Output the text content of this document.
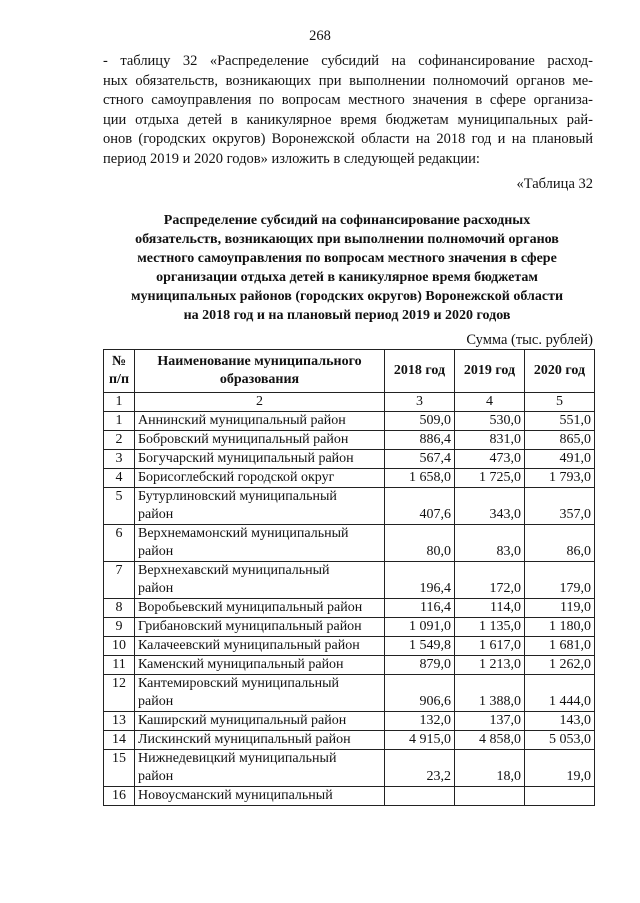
268
- таблицу 32 «Распределение субсидий на софинансирование расход-
ных обязательств, возникающих при выполнении полномочий органов ме-
стного самоуправления по вопросам местного значения в сфере организа-
ции отдыха детей в каникулярное время бюджетам муниципальных рай-
онов (городских округов) Воронежской области на 2018 год и на плановый
период 2019 и 2020 годов» изложить в следующей редакции:
«Таблица 32
Распределение субсидий на софинансирование расходных
обязательств, возникающих при выполнении полномочий органов
местного самоуправления по вопросам местного значения в сфере
организации отдыха детей в каникулярное время бюджетам
муниципальных районов (городских округов) Воронежской области
на 2018 год и на плановый период 2019 и 2020 годов
Сумма (тыс. рублей)
№ п/п	Наименование муниципального образования	2018 год	2019 год	2020 год
1	2	3	4	5
1	Аннинский муниципальный район	509,0	530,0	551,0
2	Бобровский муниципальный район	886,4	831,0	865,0
3	Богучарский муниципальный район	567,4	473,0	491,0
4	Борисоглебский городской округ	1 658,0	1 725,0	1 793,0
5	Бутурлиновский муниципальный
район	407,6	343,0	357,0
6	Верхнемамонский муниципальный
район	80,0	83,0	86,0
7	Верхнехавский муниципальный
район	196,4	172,0	179,0
8	Воробьевский муниципальный район	116,4	114,0	119,0
9	Грибановский муниципальный район	1 091,0	1 135,0	1 180,0
10	Калачеевский муниципальный район	1 549,8	1 617,0	1 681,0
11	Каменский муниципальный район	879,0	1 213,0	1 262,0
12	Кантемировский муниципальный
район	906,6	1 388,0	1 444,0
13	Каширский муниципальный район	132,0	137,0	143,0
14	Лискинский муниципальный район	4 915,0	4 858,0	5 053,0
15	Нижнедевицкий муниципальный
район	23,2	18,0	19,0
16	Новоусманский муниципальный			
